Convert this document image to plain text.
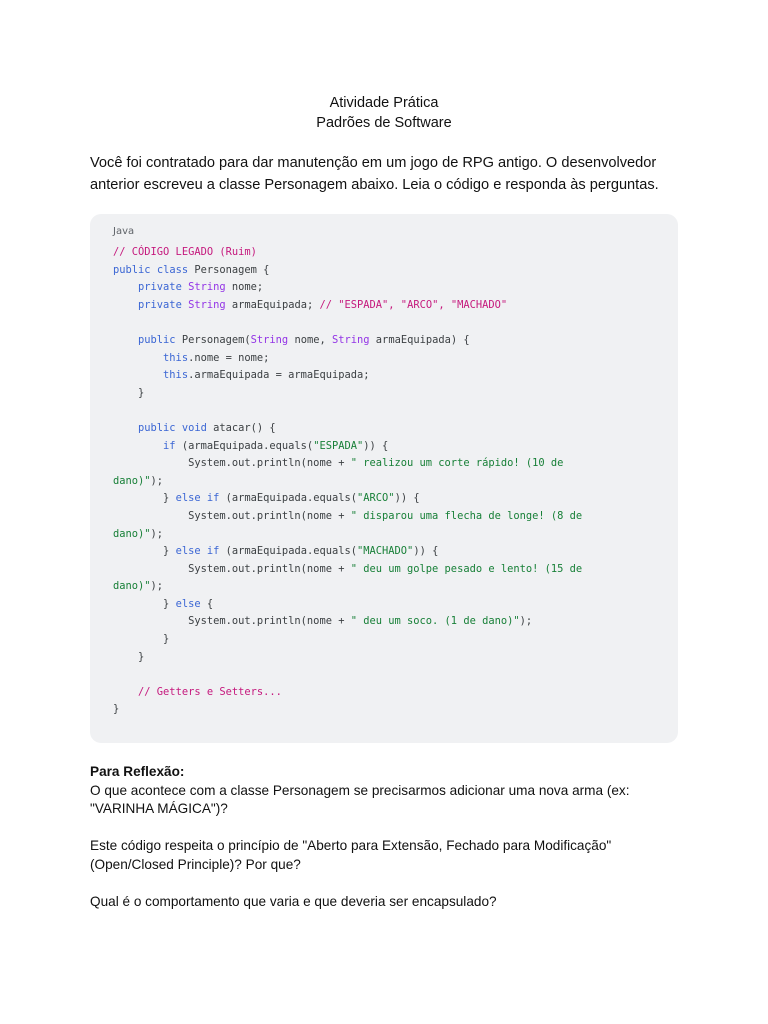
Atividade Prática
Padrões de Software
Você foi contratado para dar manutenção em um jogo de RPG antigo. O desenvolvedor anterior escreveu a classe Personagem abaixo. Leia o código e responda às perguntas.
Java
// CÓDIGO LEGADO (Ruim)
public class Personagem {
private String nome;
private String armaEquipada; // "ESPADA", "ARCO", "MACHADO"

public Personagem(String nome, String armaEquipada) {
this.nome = nome;
this.armaEquipada = armaEquipada;
}

public void atacar() {
if (armaEquipada.equals("ESPADA")) {
System.out.println(nome + " realizou um corte rápido! (10 de
dano)");
} else if (armaEquipada.equals("ARCO")) {
System.out.println(nome + " disparou uma flecha de longe! (8 de
dano)");
} else if (armaEquipada.equals("MACHADO")) {
System.out.println(nome + " deu um golpe pesado e lento! (15 de
dano)");
} else {
System.out.println(nome + " deu um soco. (1 de dano)");
}
}

// Getters e Setters...
}

Para Reflexão:
O que acontece com a classe Personagem se precisarmos adicionar uma nova arma (ex: "VARINHA MÁGICA")?

Este código respeita o princípio de "Aberto para Extensão, Fechado para Modificação" (Open/Closed Principle)? Por que?

Qual é o comportamento que varia e que deveria ser encapsulado?
